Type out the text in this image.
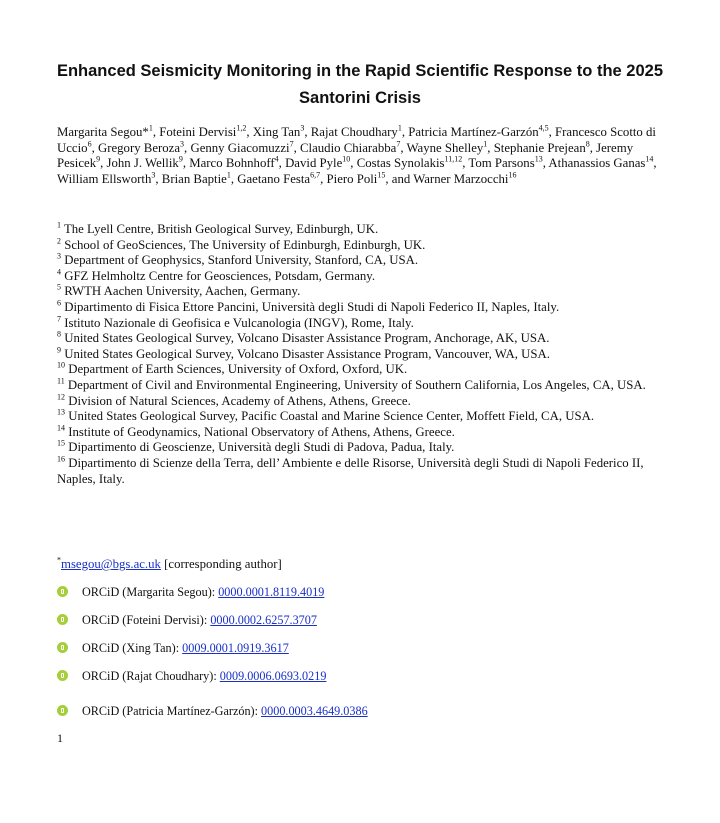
Enhanced Seismicity Monitoring in the Rapid Scientific Response to the 2025 Santorini Crisis
Margarita Segou*$^1$, Foteini Dervisi$^{1,2}$, Xing Tan$^3$, Rajat Choudhary$^1$, Patricia Martínez-Garzón$^{4,5}$, Francesco Scotto di Uccio$^6$, Gregory Beroza$^3$, Genny Giacomuzzi$^7$, Claudio Chiarabba$^7$, Wayne Shelley$^1$, Stephanie Prejean$^8$, Jeremy Pesicek$^9$, John J. Wellik$^9$, Marco Bohnhoff$^4$, David Pyle$^{10}$, Costas Synolakis$^{11,12}$, Tom Parsons$^{13}$, Athanassios Ganas$^{14}$, William Ellsworth$^3$, Brian Baptie$^1$, Gaetano Festa$^{6,7}$, Piero Poli$^{15}$, and Warner Marzocchi$^{16}$
$^1$ The Lyell Centre, British Geological Survey, Edinburgh, UK.
$^2$ School of GeoSciences, The University of Edinburgh, Edinburgh, UK.
$^3$ Department of Geophysics, Stanford University, Stanford, CA, USA.
$^4$ GFZ Helmholtz Centre for Geosciences, Potsdam, Germany.
$^5$ RWTH Aachen University, Aachen, Germany.
$^6$ Dipartimento di Fisica Ettore Pancini, Università degli Studi di Napoli Federico II, Naples, Italy.
$^7$ Istituto Nazionale di Geofisica e Vulcanologia (INGV), Rome, Italy.
$^8$ United States Geological Survey, Volcano Disaster Assistance Program, Anchorage, AK, USA.
$^9$ United States Geological Survey, Volcano Disaster Assistance Program, Vancouver, WA, USA.
$^{10}$ Department of Earth Sciences, University of Oxford, Oxford, UK.
$^{11}$ Department of Civil and Environmental Engineering, University of Southern California, Los Angeles, CA, USA.
$^{12}$ Division of Natural Sciences, Academy of Athens, Athens, Greece.
$^{13}$ United States Geological Survey, Pacific Coastal and Marine Science Center, Moffett Field, CA, USA.
$^{14}$ Institute of Geodynamics, National Observatory of Athens, Athens, Greece.
$^{15}$ Dipartimento di Geoscienze, Università degli Studi di Padova, Padua, Italy.
$^{16}$ Dipartimento di Scienze della Terra, dell’ Ambiente e delle Risorse, Università degli Studi di Napoli Federico II, Naples, Italy.
*msegou@bgs.ac.uk [corresponding author]
ORCiD (Margarita Segou): 0000.0001.8119.4019
ORCiD (Foteini Dervisi): 0000.0002.6257.3707
ORCiD (Xing Tan): 0009.0001.0919.3617
ORCiD (Rajat Choudhary): 0009.0006.0693.0219
ORCiD (Patricia Martínez-Garzón): 0000.0003.4649.0386
1
